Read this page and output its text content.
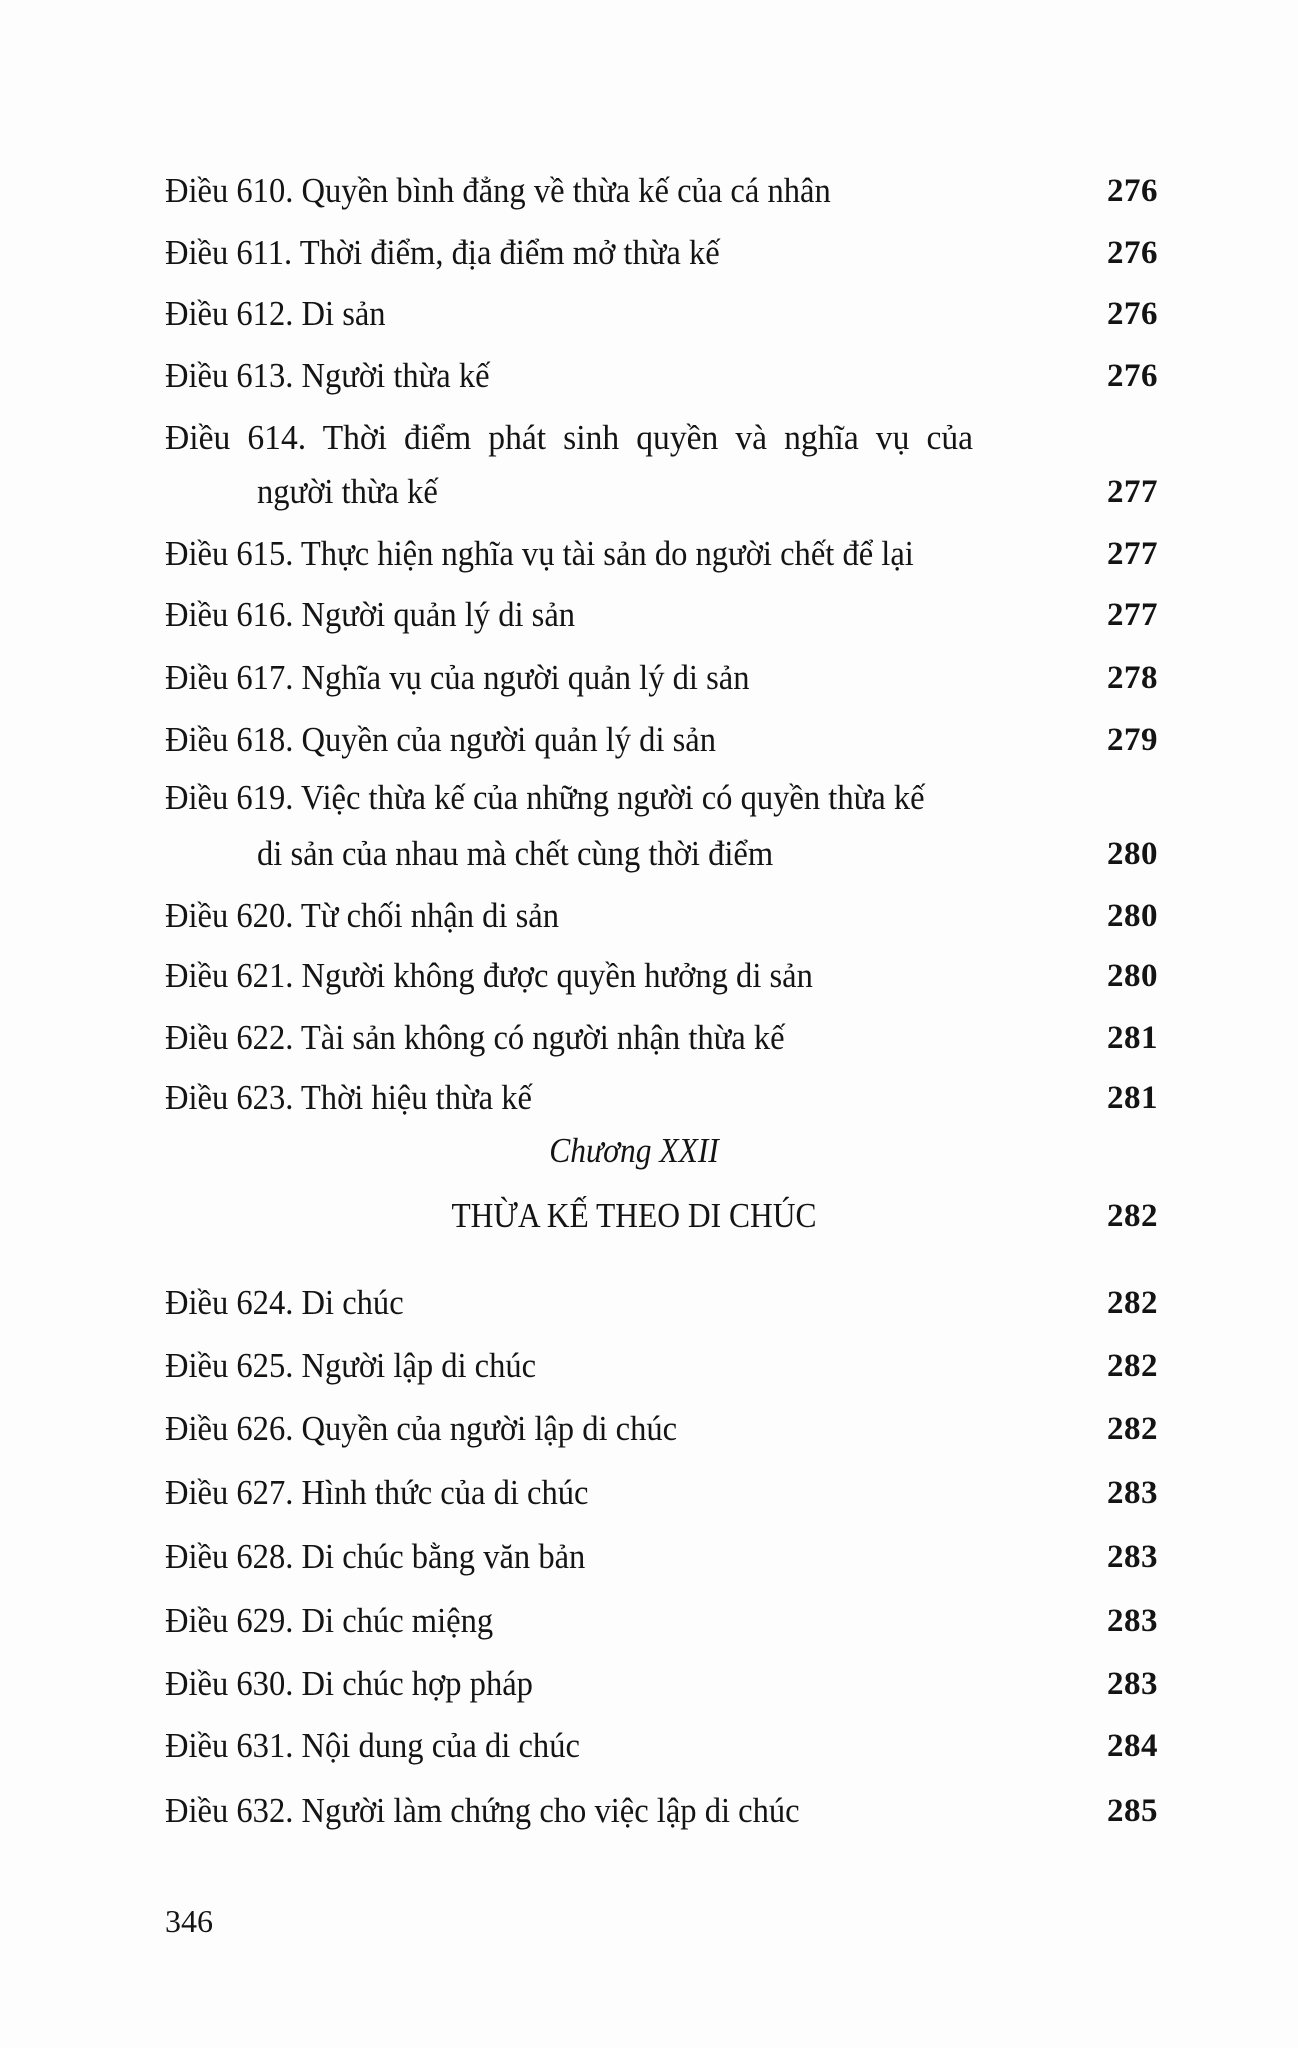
Điều 610. Quyền bình đẳng về thừa kế của cá nhân	276
Điều 611. Thời điểm, địa điểm mở thừa kế	276
Điều 612. Di sản	276
Điều 613. Người thừa kế	276
Điều 614. Thời điểm phát sinh quyền và nghĩa vụ của
người thừa kế	277
Điều 615. Thực hiện nghĩa vụ tài sản do người chết để lại	277
Điều 616. Người quản lý di sản	277
Điều 617. Nghĩa vụ của người quản lý di sản	278
Điều 618. Quyền của người quản lý di sản	279
Điều 619. Việc thừa kế của những người có quyền thừa kế
di sản của nhau mà chết cùng thời điểm	280
Điều 620. Từ chối nhận di sản	280
Điều 621. Người không được quyền hưởng di sản	280
Điều 622. Tài sản không có người nhận thừa kế	281
Điều 623. Thời hiệu thừa kế	281
Chương XXII
THỪA KẾ THEO DI CHÚC	282
Điều 624. Di chúc	282
Điều 625. Người lập di chúc	282
Điều 626. Quyền của người lập di chúc	282
Điều 627. Hình thức của di chúc	283
Điều 628. Di chúc bằng văn bản	283
Điều 629. Di chúc miệng	283
Điều 630. Di chúc hợp pháp	283
Điều 631. Nội dung của di chúc	284
Điều 632. Người làm chứng cho việc lập di chúc	285
346
